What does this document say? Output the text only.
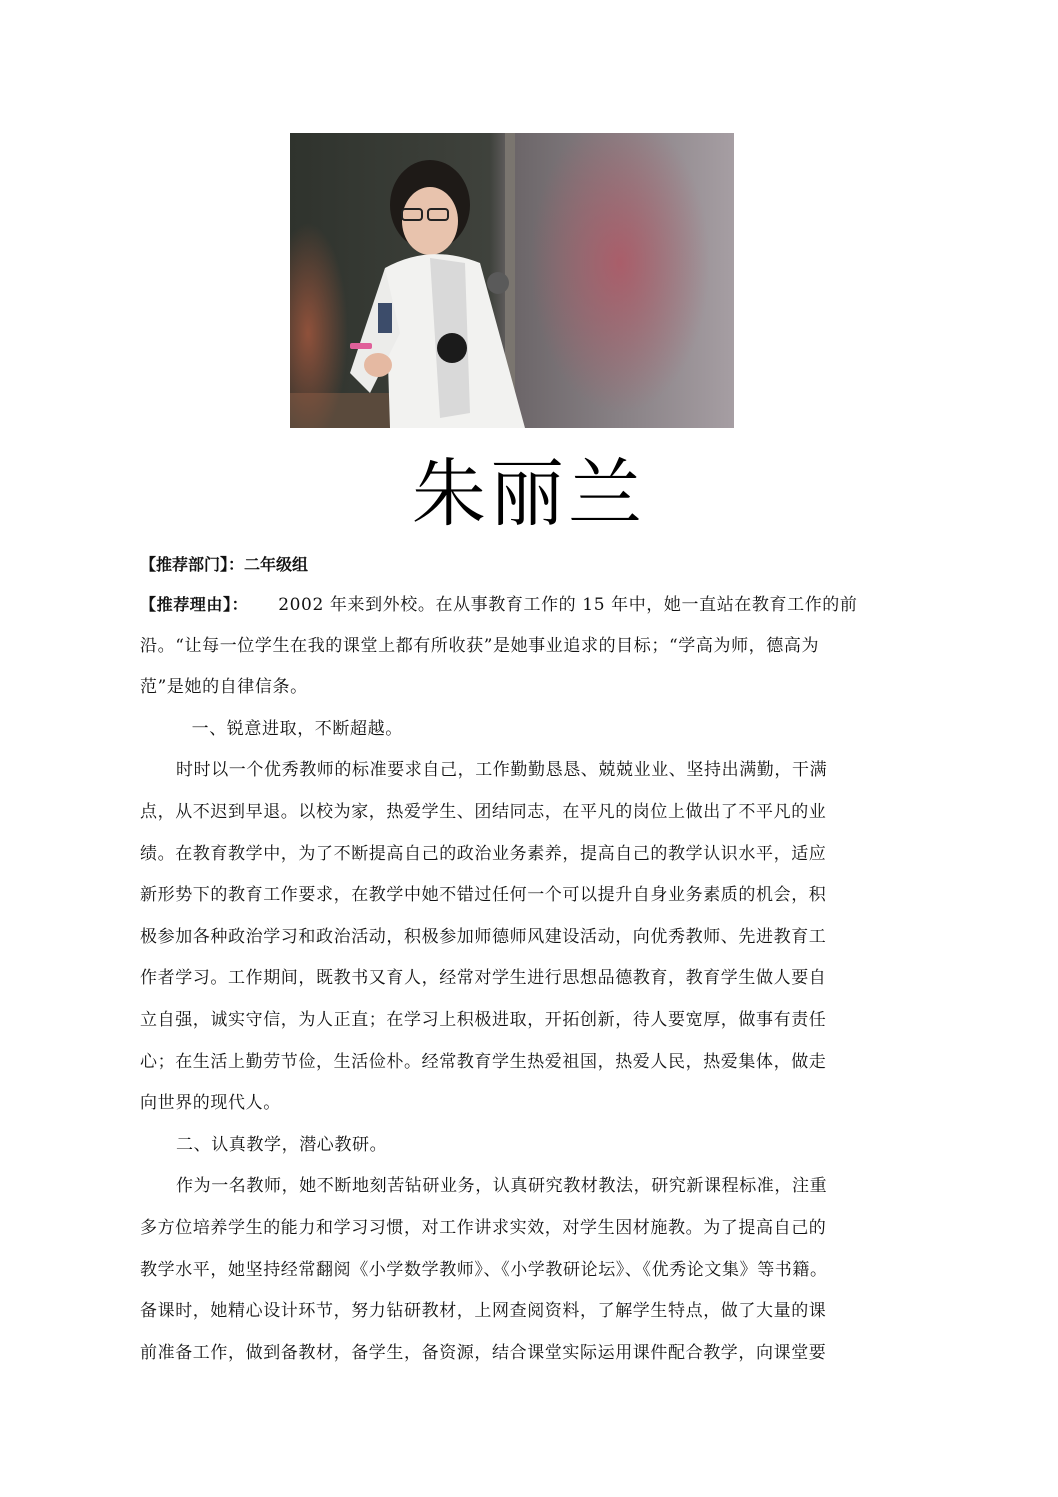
朱丽兰
【推荐部门】：二年级组
【推荐理由】： 2002 年来到外校。在从事教育工作的 15 年中，她一直站在教育工作的前
沿。“让每一位学生在我的课堂上都有所收获”是她事业追求的目标；“学高为师，德高为
范”是她的自律信条。
　一、锐意进取，不断超越。
时时以一个优秀教师的标准要求自己，工作勤勤恳恳、兢兢业业、坚持出满勤，干满
点，从不迟到早退。以校为家，热爱学生、团结同志，在平凡的岗位上做出了不平凡的业
绩。在教育教学中，为了不断提高自己的政治业务素养，提高自己的教学认识水平，适应
新形势下的教育工作要求，在教学中她不错过任何一个可以提升自身业务素质的机会，积
极参加各种政治学习和政治活动，积极参加师德师风建设活动，向优秀教师、先进教育工
作者学习。工作期间，既教书又育人，经常对学生进行思想品德教育，教育学生做人要自
立自强，诚实守信，为人正直；在学习上积极进取，开拓创新，待人要宽厚，做事有责任
心；在生活上勤劳节俭，生活俭朴。经常教育学生热爱祖国，热爱人民，热爱集体，做走
向世界的现代人。
二、认真教学，潜心教研。
作为一名教师，她不断地刻苦钻研业务，认真研究教材教法，研究新课程标准，注重
多方位培养学生的能力和学习习惯，对工作讲求实效，对学生因材施教。为了提高自己的
教学水平，她坚持经常翻阅《小学数学教师》、《小学教研论坛》、《优秀论文集》等书籍。
备课时，她精心设计环节，努力钻研教材，上网查阅资料，了解学生特点，做了大量的课
前准备工作，做到备教材，备学生，备资源，结合课堂实际运用课件配合教学，向课堂要
